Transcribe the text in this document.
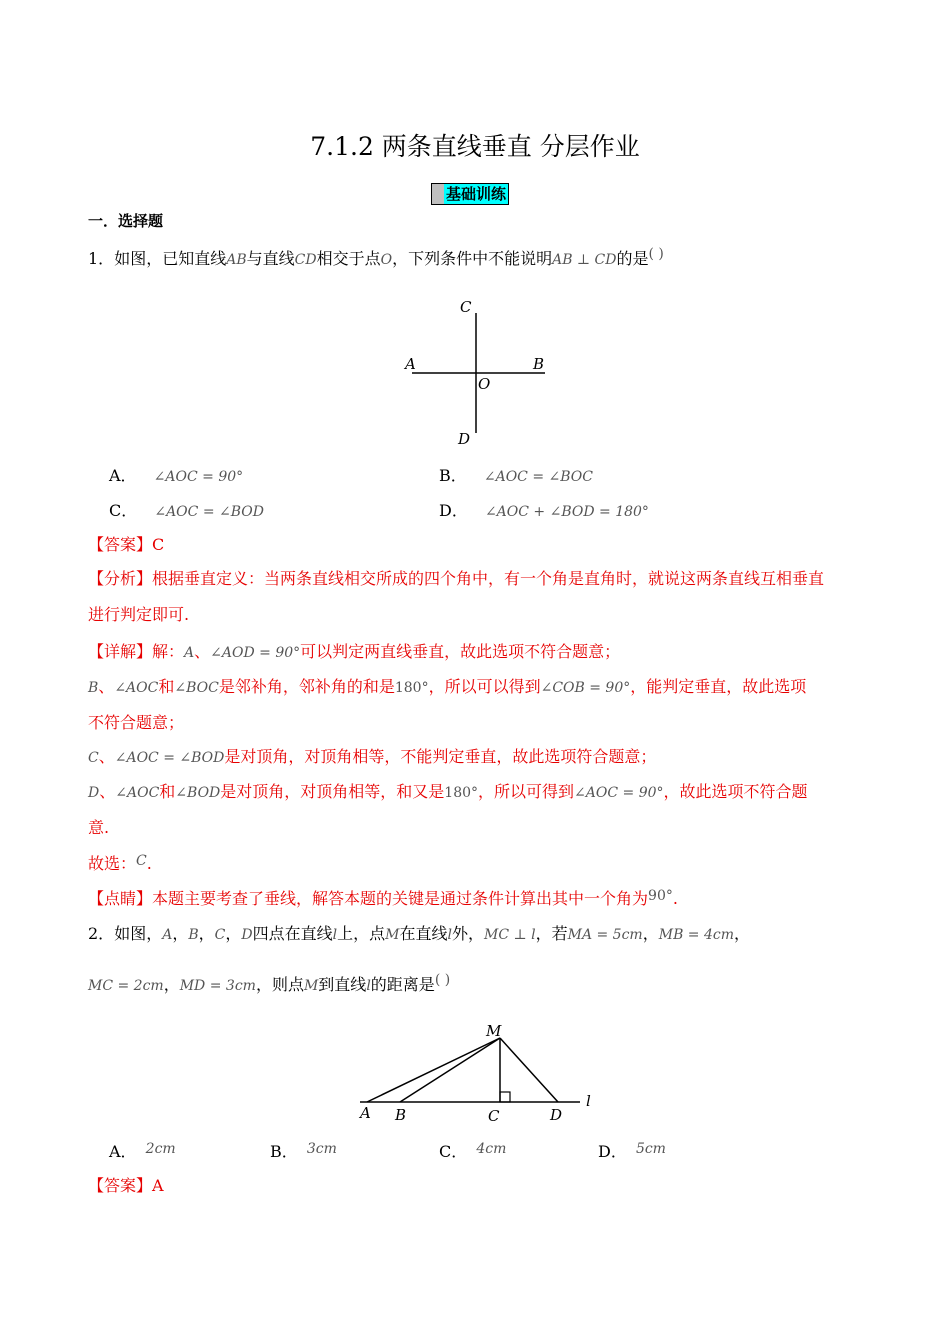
7.1.2 两条直线垂直 分层作业
基础训练
一．选择题
1．如图，已知直线AB与直线CD相交于点O，下列条件中不能说明AB ⊥ CD的是( )
C
A	B
O
D
A． ∠AOC = 90°	B． ∠AOC = ∠BOC
C． ∠AOC = ∠BOD	D． ∠AOC + ∠BOD = 180°
【答案】C
【分析】根据垂直定义：当两条直线相交所成的四个角中，有一个角是直角时，就说这两条直线互相垂直
进行判定即可.
【详解】解：A、∠AOD = 90°可以判定两直线垂直，故此选项不符合题意；
B、∠AOC和∠BOC是邻补角，邻补角的和是180°，所以可以得到∠COB = 90°，能判定垂直，故此选项
不符合题意；
C、∠AOC = ∠BOD是对顶角，对顶角相等，不能判定垂直，故此选项符合题意；
D、∠AOC和∠BOD是对顶角，对顶角相等，和又是180°，所以可得到∠AOC = 90°，故此选项不符合题
意.
故选：C.
【点睛】本题主要考查了垂线，解答本题的关键是通过条件计算出其中一个角为90°.
2．如图，A，B，C，D四点在直线l上，点M在直线l外，MC ⊥ l，若MA = 5cm，MB = 4cm，
MC = 2cm，MD = 3cm，则点M到直线l的距离是( )
M
A B	C	D
l
A． 2cm	B． 3cm	C． 4cm	D． 5cm
【答案】A
